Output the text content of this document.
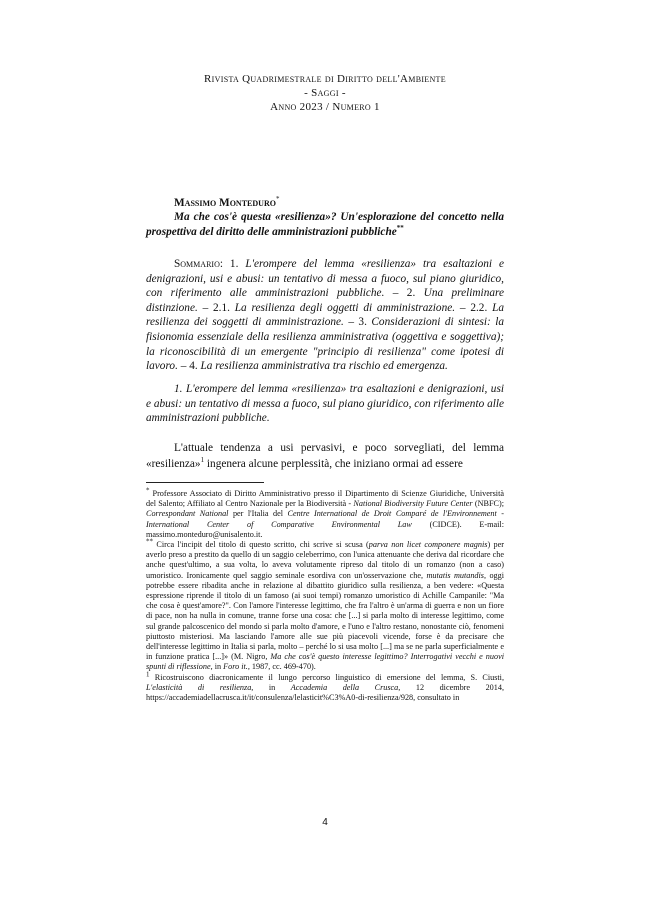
Rivista Quadrimestrale di Diritto dell'Ambiente
- Saggi -
Anno 2023 / Numero 1
Massimo Monteduro*
Ma che cos'è questa «resilienza»? Un'esplorazione del concetto nella prospettiva del diritto delle amministrazioni pubbliche**
Sommario: 1. L'erompere del lemma «resilienza» tra esaltazioni e denigrazioni, usi e abusi: un tentativo di messa a fuoco, sul piano giuridico, con riferimento alle amministrazioni pubbliche. – 2. Una preliminare distinzione. – 2.1. La resilienza degli oggetti di amministrazione. – 2.2. La resilienza dei soggetti di amministrazione. – 3. Considerazioni di sintesi: la fisionomia essenziale della resilienza amministrativa (oggettiva e soggettiva); la riconoscibilità di un emergente "principio di resilienza" come ipotesi di lavoro. – 4. La resilienza amministrativa tra rischio ed emergenza.
1. L'erompere del lemma «resilienza» tra esaltazioni e denigrazioni, usi e abusi: un tentativo di messa a fuoco, sul piano giuridico, con riferimento alle amministrazioni pubbliche.
L'attuale tendenza a usi pervasivi, e poco sorvegliati, del lemma «resilienza»$^1$ ingenera alcune perplessità, che iniziano ormai ad essere

* Professore Associato di Diritto Amministrativo presso il Dipartimento di Scienze Giuridiche, Università del Salento; Affiliato al Centro Nazionale per la Biodiversità - National Biodiversity Future Center (NBFC); Correspondant National per l'Italia del Centre International de Droit Comparé de l'Environnement - International Center of Comparative Environmental Law (CIDCE). E-mail: massimo.monteduro@unisalento.it.

** Circa l'incipit del titolo di questo scritto, chi scrive si scusa (parva non licet componere magnis) per averlo preso a prestito da quello di un saggio celeberrimo, con l'unica attenuante che deriva dal ricordare che anche quest'ultimo, a sua volta, lo aveva volutamente ripreso dal titolo di un romanzo (non a caso) umoristico. Ironicamente quel saggio seminale esordiva con un'osservazione che, mutatis mutandis, oggi potrebbe essere ribadita anche in relazione al dibattito giuridico sulla resilienza, a ben vedere: «Questa espressione riprende il titolo di un famoso (ai suoi tempi) romanzo umoristico di Achille Campanile: "Ma che cosa è quest'amore?". Con l'amore l'interesse legittimo, che fra l'altro è un'arma di guerra e non un fiore di pace, non ha nulla in comune, tranne forse una cosa: che [...] si parla molto di interesse legittimo, come sul grande palcoscenico del mondo si parla molto d'amore, e l'uno e l'altro restano, nonostante ciò, fenomeni piuttosto misteriosi. Ma lasciando l'amore alle sue più piacevoli vicende, forse è da precisare che dell'interesse legittimo in Italia si parla, molto – perché lo si usa molto [...] ma se ne parla superficialmente e in funzione pratica [...]» (M. Nigro, Ma che cos'è questo interesse legittimo? Interrogativi vecchi e nuovi spunti di riflessione, in Foro it., 1987, cc. 469-470).

$^1$ Ricostruiscono diacronicamente il lungo percorso linguistico di emersione del lemma, S. Ciusti, L'elasticità di resilienza, in Accademia della Crusca, 12 dicembre 2014, https://accademiadellacrusca.it/it/consulenza/lelasticit%C3%A0-di-resilienza/928, consultato in

4
